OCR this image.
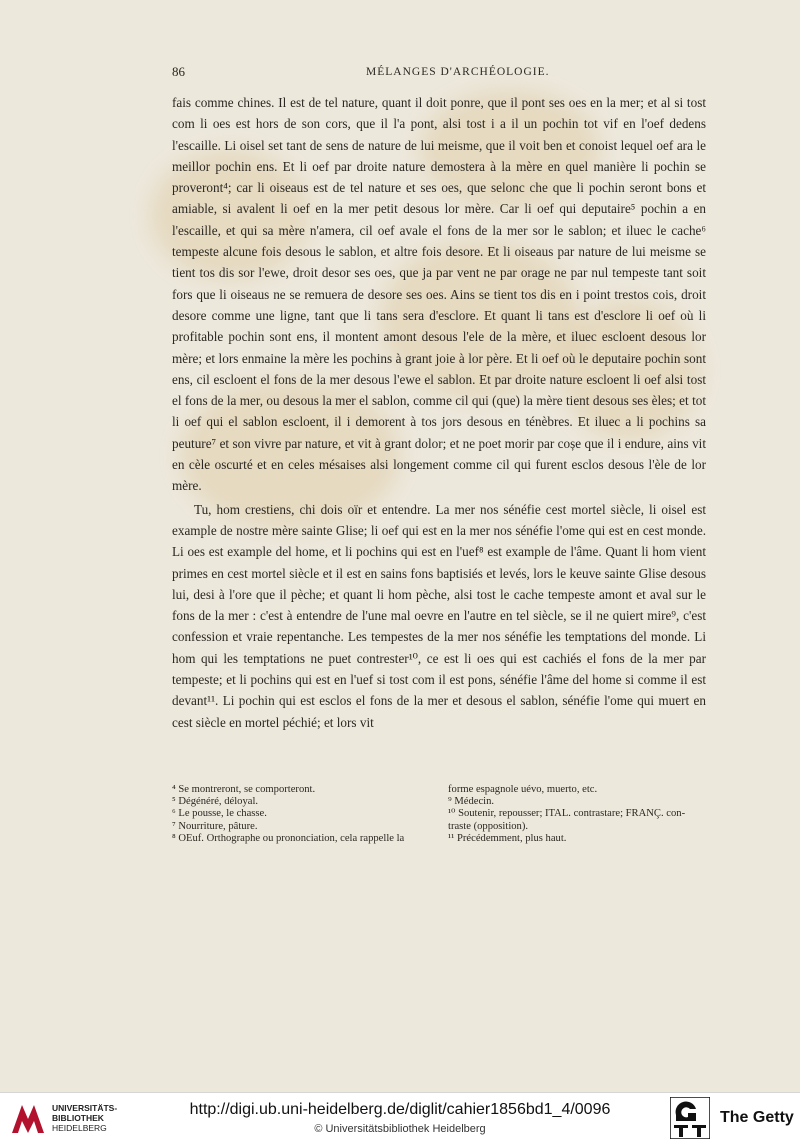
86	MÉLANGES D'ARCHÉOLOGIE.

fais comme chines. Il est de tel nature, quant il doit ponre, que il pont ses oes en la mer; et al si tost com li oes est hors de son cors, que il l'a pont, alsi tost i a il un pochin tot vif en l'oef dedens l'escaille. Li oisel set tant de sens de nature de lui meisme, que il voit ben et conoist lequel oef ara le meillor pochin ens. Et li oef par droite nature demostera à la mère en quel manière li pochin se proveront⁴; car li oiseaus est de tel nature et ses oes, que selonc che que li pochin seront bons et amiable, si avalent li oef en la mer petit desous lor mère. Car li oef qui deputaire⁵ pochin a en l'escaille, et qui sa mère n'amera, cil oef avale el fons de la mer sor le sablon; et iluec le cache⁶ tempeste alcune fois desous le sablon, et altre fois desore. Et li oiseaus par nature de lui meisme se tient tos dis sor l'ewe, droit desor ses oes, que ja par vent ne par orage ne par nul tempeste tant soit fors que li oiseaus ne se remuera de desore ses oes. Ains se tient tos dis en i point trestos cois, droit desore comme une ligne, tant que li tans sera d'esclore. Et quant li tans est d'esclore li oef où li profitable pochin sont ens, il montent amont desous l'ele de la mère, et iluec escloent desous lor mère; et lors enmaine la mère les pochins à grant joie à lor père. Et li oef où le deputaire pochin sont ens, cil escloent el fons de la mer desous l'ewe el sablon. Et par droite nature escloent li oef alsi tost el fons de la mer, ou desous la mer el sablon, comme cil qui (que) la mère tient desous ses èles; et tot li oef qui el sablon escloent, il i demorent à tos jors desous en ténèbres. Et iluec a li pochins sa peuture⁷ et son vivre par nature, et vit à grant dolor; et ne poet morir par coșe que il i endure, ains vit en cèle oscurté et en celes mésaises alsi longement comme cil qui furent esclos desous l'èle de lor mère.

Tu, hom crestiens, chi dois oïr et entendre. La mer nos sénéfie cest mortel siècle, li oisel est example de nostre mère sainte Glise; li oef qui est en la mer nos sénéfie l'ome qui est en cest monde. Li oes est example del home, et li pochins qui est en l'uef⁸ est example de l'âme. Quant li hom vient primes en cest mortel siècle et il est en sains fons baptisiés et levés, lors le keuve sainte Glise desous lui, desi à l'ore que il pèche; et quant li hom pèche, alsi tost le cache tempeste amont et aval sur le fons de la mer : c'est à entendre de l'une mal oevre en l'autre en tel siècle, se il ne quiert mire⁹, c'est confession et vraie repentanche. Les tempestes de la mer nos sénéfie les temptations del monde. Li hom qui les temptations ne puet contrester¹⁰, ce est li oes qui est cachiés el fons de la mer par tempeste; et li pochins qui est en l'uef si tost com il est pons, sénéfie l'âme del home si comme il est devant¹¹. Li pochin qui est esclos el fons de la mer et desous el sablon, sénéfie l'ome qui muert en cest siècle en mortel péchié; et lors vit

⁴ Se montreront, se comporteront.
⁵ Dégénéré, déloyal.
⁶ Le pousse, le chasse.
⁷ Nourriture, pâture.
⁸ OEuf. Orthographe ou prononciation, cela rappelle la
forme espagnole uévo, muerto, etc.
⁹ Médecin.
¹⁰ Soutenir, repousser; ITAL. contrastare; FRANÇ. con-
traste (opposition).
¹¹ Précédemment, plus haut.
UNIVERSITÄTS-
BIBLIOTHEK
HEIDELBERG
http://digi.ub.uni-heidelberg.de/diglit/cahier1856bd1_4/0096
© Universitätsbibliothek Heidelberg
The Getty
